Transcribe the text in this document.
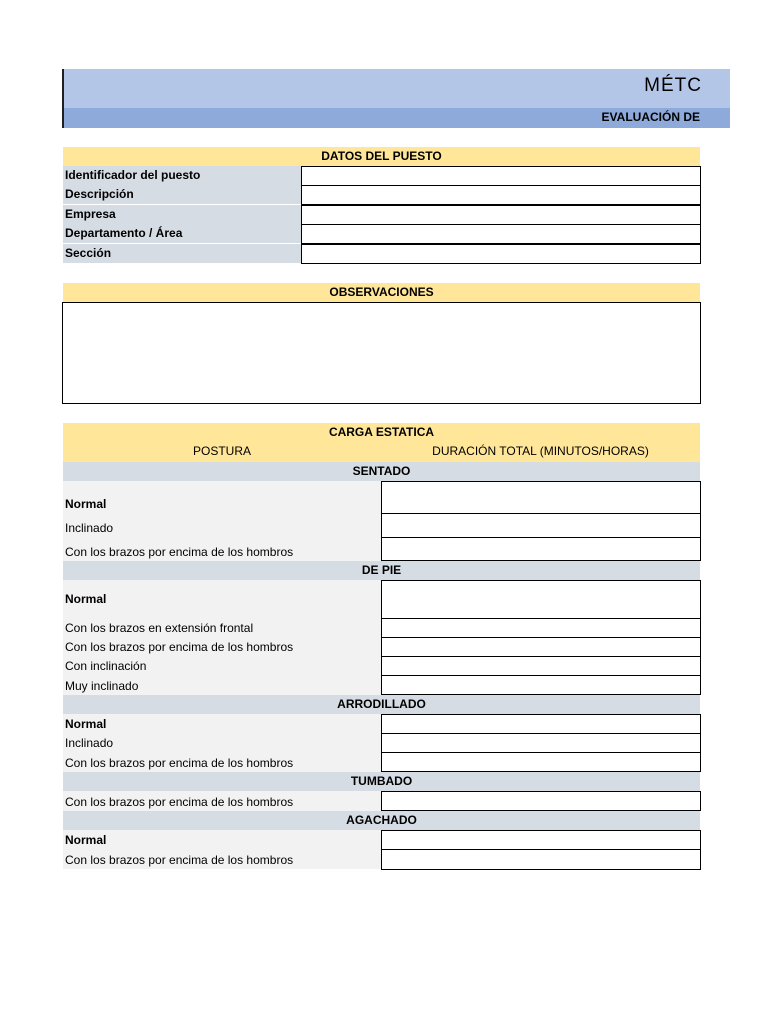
MÉTC
EVALUACIÓN DE
DATOS DEL PUESTO
Identificador del puesto
Descripción
Empresa
Departamento / Área
Sección
OBSERVACIONES
CARGA ESTATICA
POSTURA	DURACIÓN TOTAL (MINUTOS/HORAS)
SENTADO
Normal
Inclinado
Con los brazos por encima de los hombros
DE PIE
Normal
Con los brazos en extensión frontal
Con los brazos por encima de los hombros
Con inclinación
Muy inclinado
ARRODILLADO
Normal
Inclinado
Con los brazos por encima de los hombros
TUMBADO
Con los brazos por encima de los hombros
AGACHADO
Normal
Con los brazos por encima de los hombros
